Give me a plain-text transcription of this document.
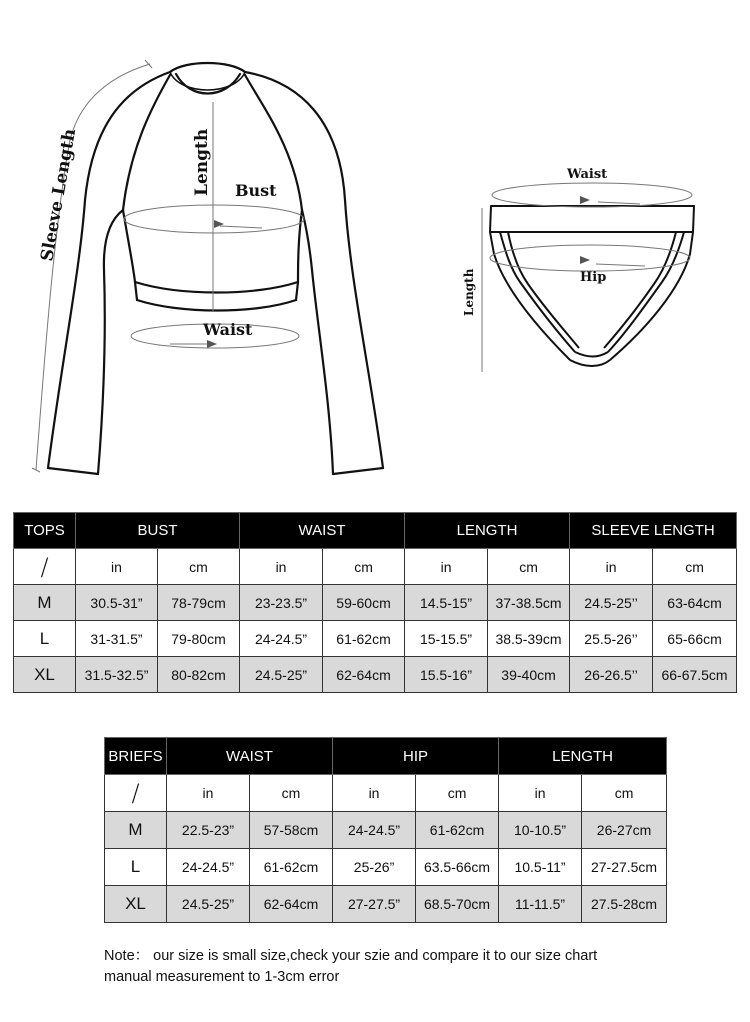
Sleeve Length	Length Bust
Waist
Waist
Hip
Length
TOPS	BUST		WAIST		LENGTH		SLEEVE LENGTH	
/	in	cm	in	cm	in	cm	in	cm
M	30.5-31”	78-79cm	23-23.5”	59-60cm	14.5-15”	37-38.5cm	24.5-25’’	63-64cm
L	31-31.5”	79-80cm	24-24.5”	61-62cm	15-15.5”	38.5-39cm	25.5-26’’	65-66cm
XL	31.5-32.5”	80-82cm	24.5-25”	62-64cm	15.5-16”	39-40cm	26-26.5’’	66-67.5cm
BRIEFS	WAIST		HIP		LENGTH	
/	in	cm	in	cm	in	cm
M	22.5-23”	57-58cm	24-24.5”	61-62cm	10-10.5”	26-27cm
L	24-24.5”	61-62cm	25-26”	63.5-66cm	10.5-11”	27-27.5cm
XL	24.5-25”	62-64cm	27-27.5”	68.5-70cm	11-11.5”	27.5-28cm
Note： our size is small size,check your szie and compare it to our size chart
manual measurement to 1-3cm error
